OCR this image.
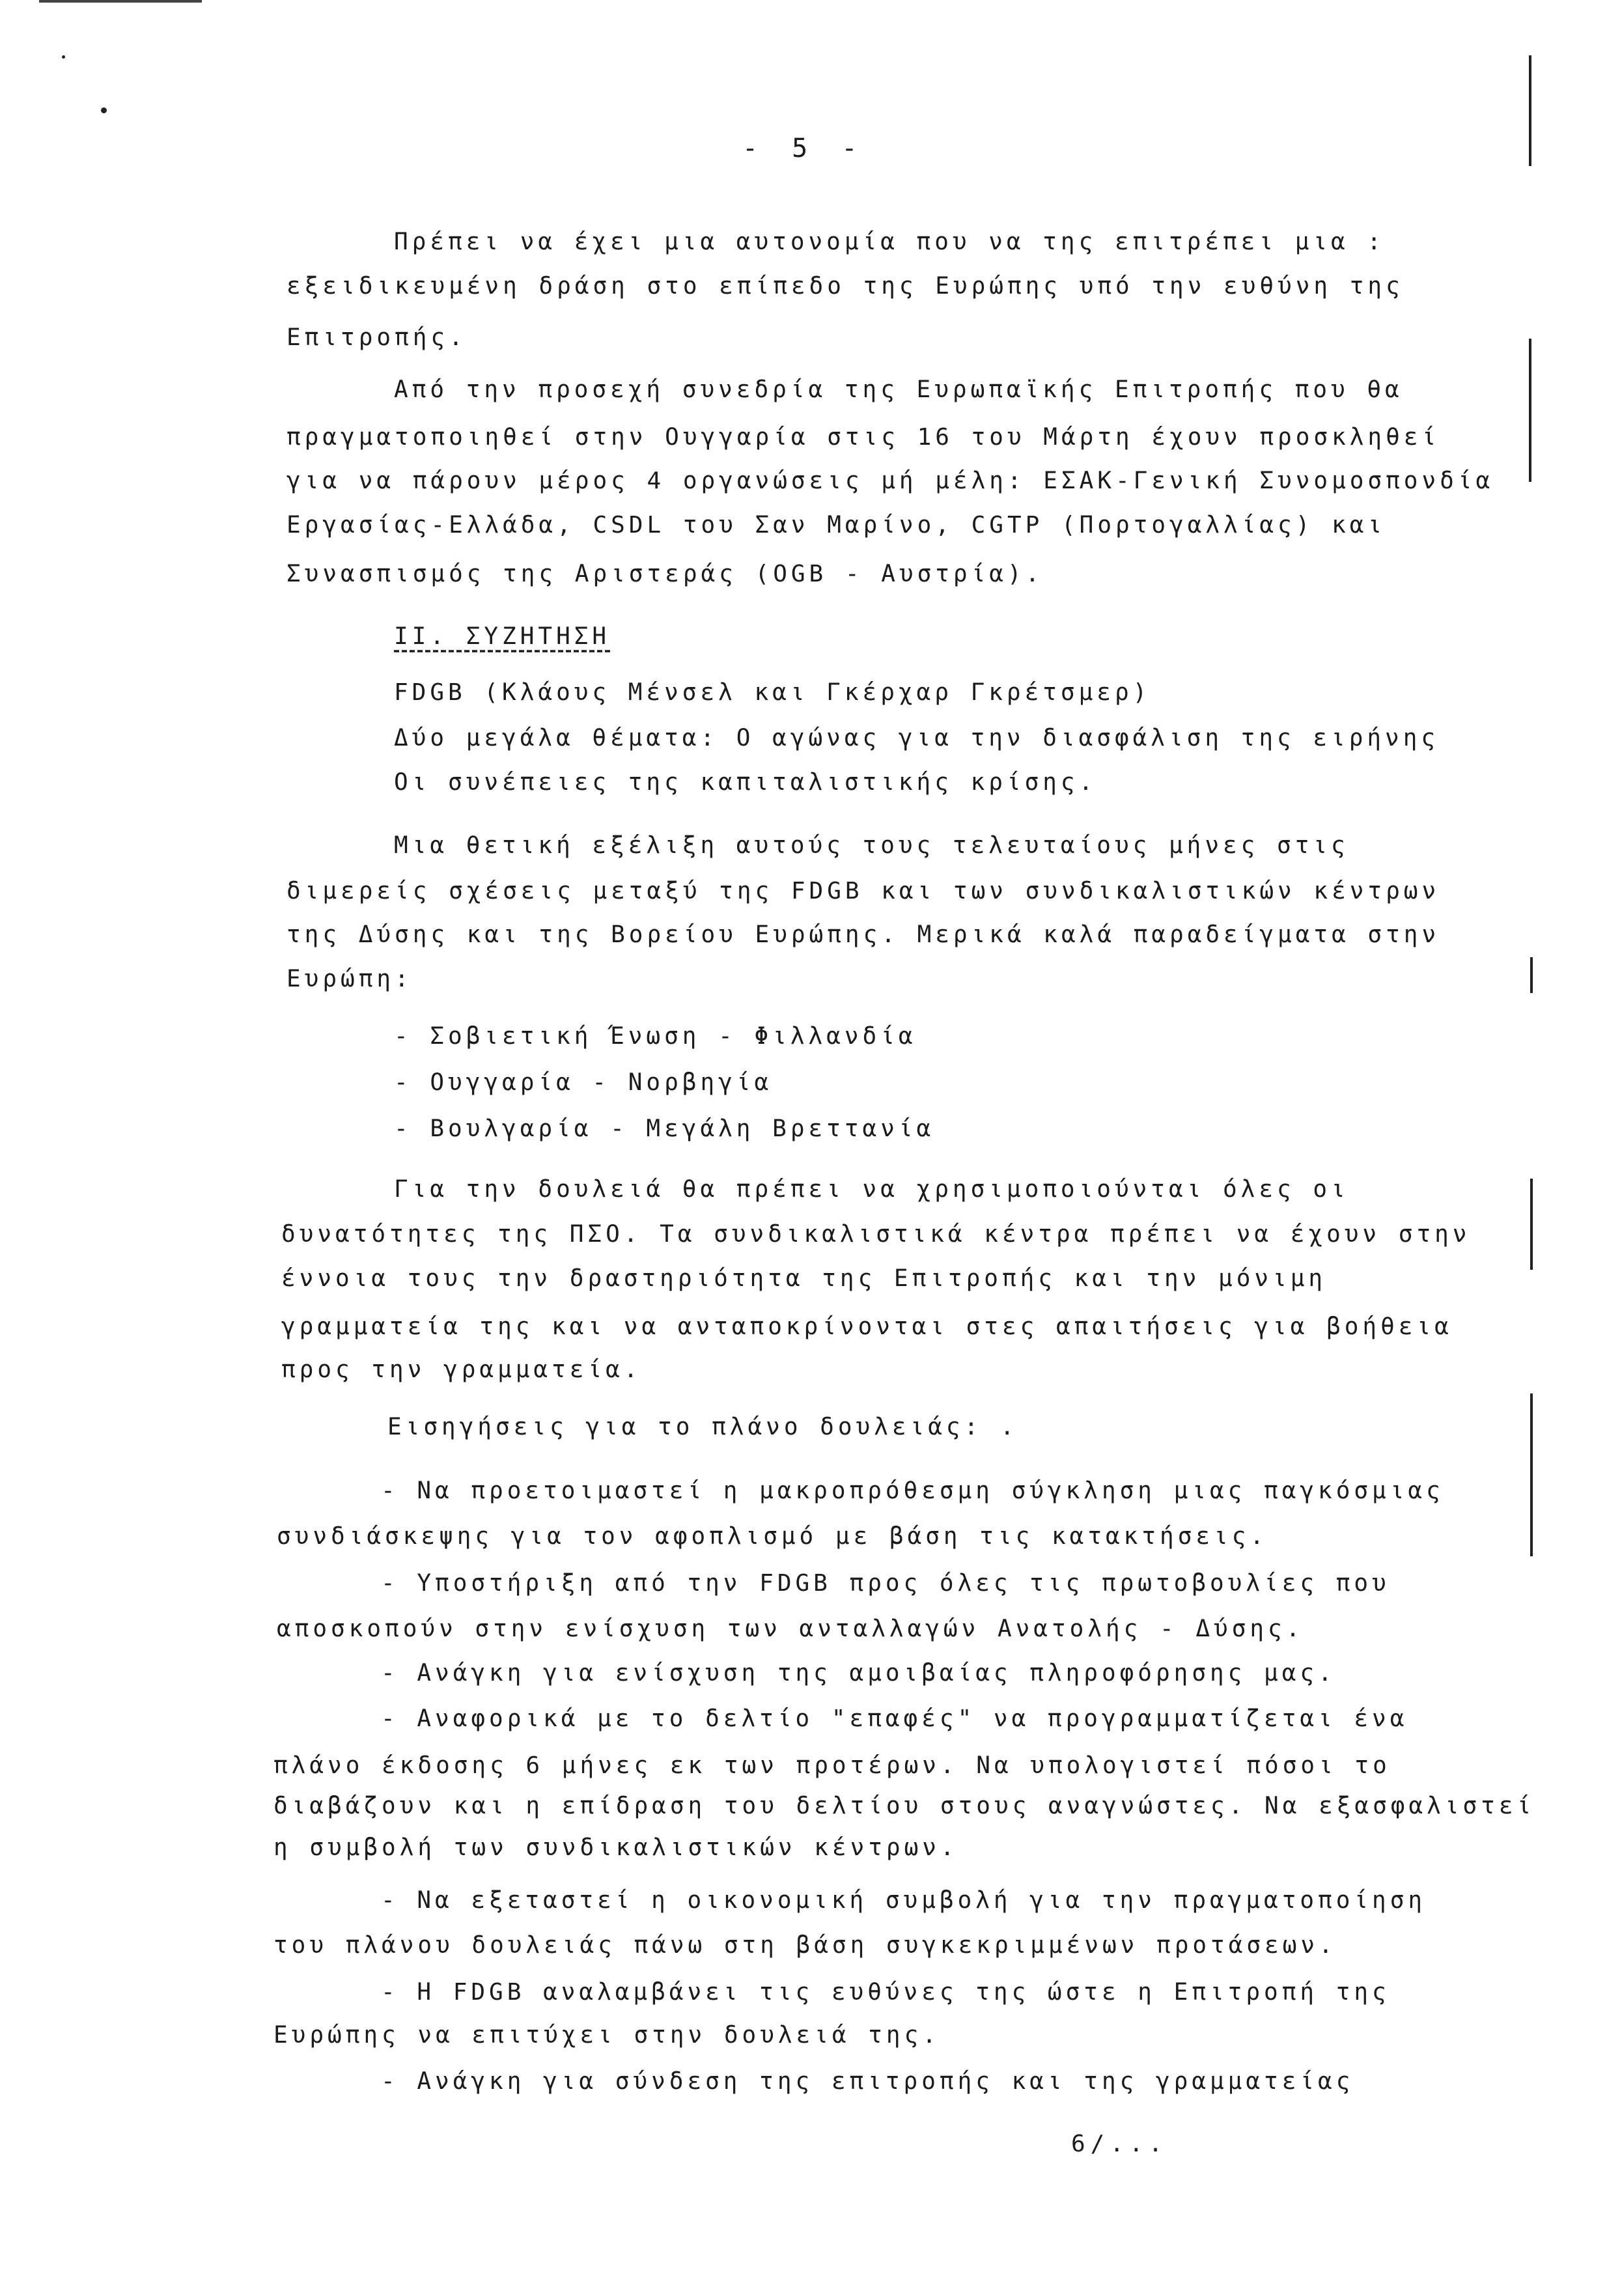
- 5 -
Πρέπει να έχει μια αυτονομία που να της επιτρέπει μια :
εξειδικευμένη δράση στο επίπεδο της Ευρώπης υπό την ευθύνη της
Επιτροπής.
Από την προσεχή συνεδρία της Ευρωπαϊκής Επιτροπής που θα
πραγματοποιηθεί στην Ουγγαρία στις 16 του Μάρτη έχουν προσκληθεί
για να πάρουν μέρος 4 οργανώσεις μή μέλη: ΕΣΑΚ-Γενική Συνομοσπονδία
Εργασίας-Ελλάδα, CSDL του Σαν Μαρίνο, CGTP (Πορτογαλλίας) και
Συνασπισμός της Αριστεράς (OGB - Αυστρία).
ΙΙ. ΣΥΖΗΤΗΣΗ
FDGB (Κλάους Μένσελ και Γκέρχαρ Γκρέτσμερ)
Δύο μεγάλα θέματα: Ο αγώνας για την διασφάλιση της ειρήνης
Οι συνέπειες της καπιταλιστικής κρίσης.
Μια θετική εξέλιξη αυτούς τους τελευταίους μήνες στις
διμερείς σχέσεις μεταξύ της FDGB και των συνδικαλιστικών κέντρων
της Δύσης και της Βορείου Ευρώπης. Μερικά καλά παραδείγματα στην
Ευρώπη:
- Σοβιετική Ένωση - Φιλλανδία
- Ουγγαρία - Νορβηγία
- Βουλγαρία - Μεγάλη Βρεττανία
Για την δουλειά θα πρέπει να χρησιμοποιούνται όλες οι
δυνατότητες της ΠΣΟ. Τα συνδικαλιστικά κέντρα πρέπει να έχουν στην
έννοια τους την δραστηριότητα της Επιτροπής και την μόνιμη
γραμματεία της και να ανταποκρίνονται στες απαιτήσεις για βοήθεια
προς την γραμματεία.
Εισηγήσεις για το πλάνο δουλειάς: .
- Να προετοιμαστεί η μακροπρόθεσμη σύγκληση μιας παγκόσμιας
συνδιάσκεψης για τον αφοπλισμό με βάση τις κατακτήσεις.
- Υποστήριξη από την FDGB προς όλες τις πρωτοβουλίες που
αποσκοπούν στην ενίσχυση των ανταλλαγών Ανατολής - Δύσης.
- Ανάγκη για ενίσχυση της αμοιβαίας πληροφόρησης μας.
- Αναφορικά με το δελτίο "επαφές" να προγραμματίζεται ένα
πλάνο έκδοσης 6 μήνες εκ των προτέρων. Να υπολογιστεί πόσοι το
διαβάζουν και η επίδραση του δελτίου στους αναγνώστες. Να εξασφαλιστεί
η συμβολή των συνδικαλιστικών κέντρων.
- Να εξεταστεί η οικονομική συμβολή για την πραγματοποίηση
του πλάνου δουλειάς πάνω στη βάση συγκεκριμμένων προτάσεων.
- Η FDGB αναλαμβάνει τις ευθύνες της ώστε η Επιτροπή της
Ευρώπης να επιτύχει στην δουλειά της.
- Ανάγκη για σύνδεση της επιτροπής και της γραμματείας
6/...
